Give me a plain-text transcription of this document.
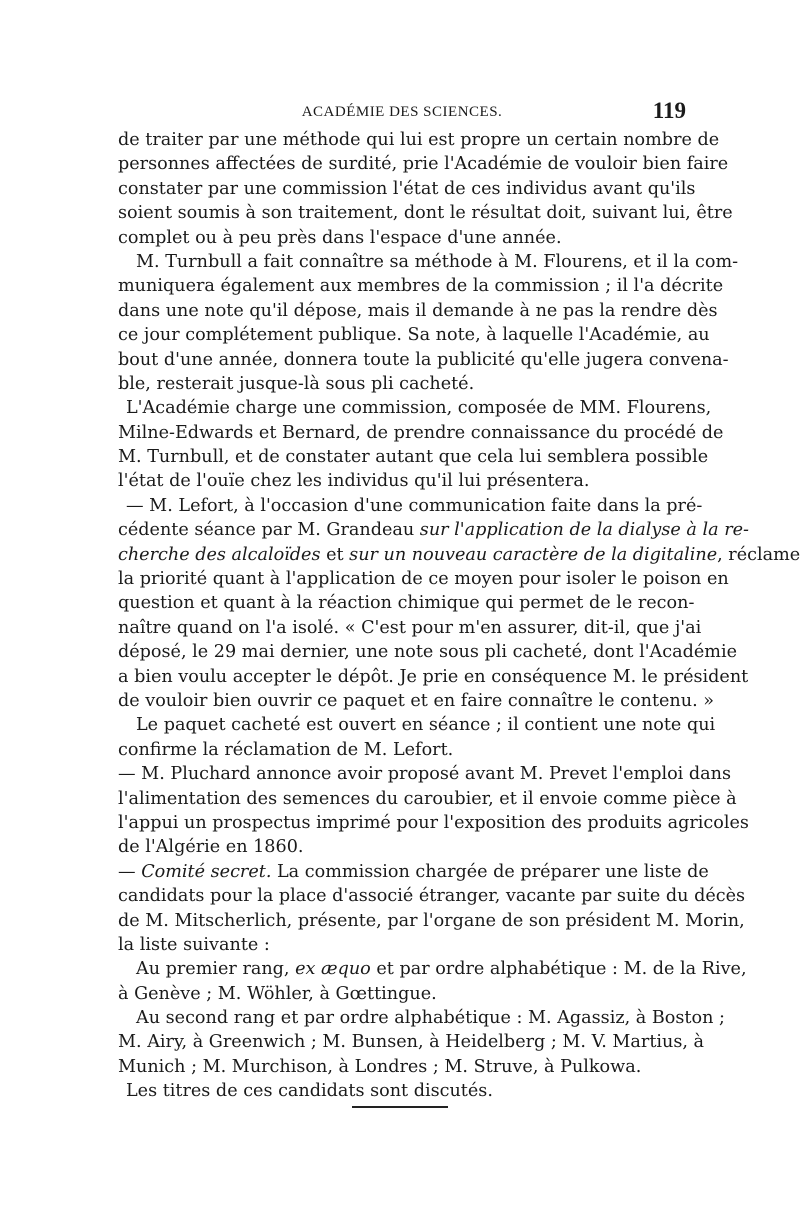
ACADÉMIE DES SCIENCES.	119
de traiter par une méthode qui lui est propre un certain nombre de
personnes affectées de surdité, prie l'Académie de vouloir bien faire
constater par une commission l'état de ces individus avant qu'ils
soient soumis à son traitement, dont le résultat doit, suivant lui, être
complet ou à peu près dans l'espace d'une année.
M. Turnbull a fait connaître sa méthode à M. Flourens, et il la com-
muniquera également aux membres de la commission ; il l'a décrite
dans une note qu'il dépose, mais il demande à ne pas la rendre dès
ce jour complétement publique. Sa note, à laquelle l'Académie, au
bout d'une année, donnera toute la publicité qu'elle jugera convena-
ble, resterait jusque-là sous pli cacheté.
L'Académie charge une commission, composée de MM. Flourens,
Milne-Edwards et Bernard, de prendre connaissance du procédé de
M. Turnbull, et de constater autant que cela lui semblera possible
l'état de l'ouïe chez les individus qu'il lui présentera.
— M. Lefort, à l'occasion d'une communication faite dans la pré-
cédente séance par M. Grandeau sur l'application de la dialyse à la re-
cherche des alcaloïdes et sur un nouveau caractère de la digitaline, réclame
la priorité quant à l'application de ce moyen pour isoler le poison en
question et quant à la réaction chimique qui permet de le recon-
naître quand on l'a isolé. « C'est pour m'en assurer, dit-il, que j'ai
déposé, le 29 mai dernier, une note sous pli cacheté, dont l'Académie
a bien voulu accepter le dépôt. Je prie en conséquence M. le président
de vouloir bien ouvrir ce paquet et en faire connaître le contenu. »
Le paquet cacheté est ouvert en séance ; il contient une note qui
confirme la réclamation de M. Lefort.
— M. Pluchard annonce avoir proposé avant M. Prevet l'emploi dans
l'alimentation des semences du caroubier, et il envoie comme pièce à
l'appui un prospectus imprimé pour l'exposition des produits agricoles
de l'Algérie en 1860.
— Comité secret. La commission chargée de préparer une liste de
candidats pour la place d'associé étranger, vacante par suite du décès
de M. Mitscherlich, présente, par l'organe de son président M. Morin,
la liste suivante :
Au premier rang, ex æquo et par ordre alphabétique : M. de la Rive,
à Genève ; M. Wöhler, à Gœttingue.
Au second rang et par ordre alphabétique : M. Agassiz, à Boston ;
M. Airy, à Greenwich ; M. Bunsen, à Heidelberg ; M. V. Martius, à
Munich ; M. Murchison, à Londres ; M. Struve, à Pulkowa.
Les titres de ces candidats sont discutés.
